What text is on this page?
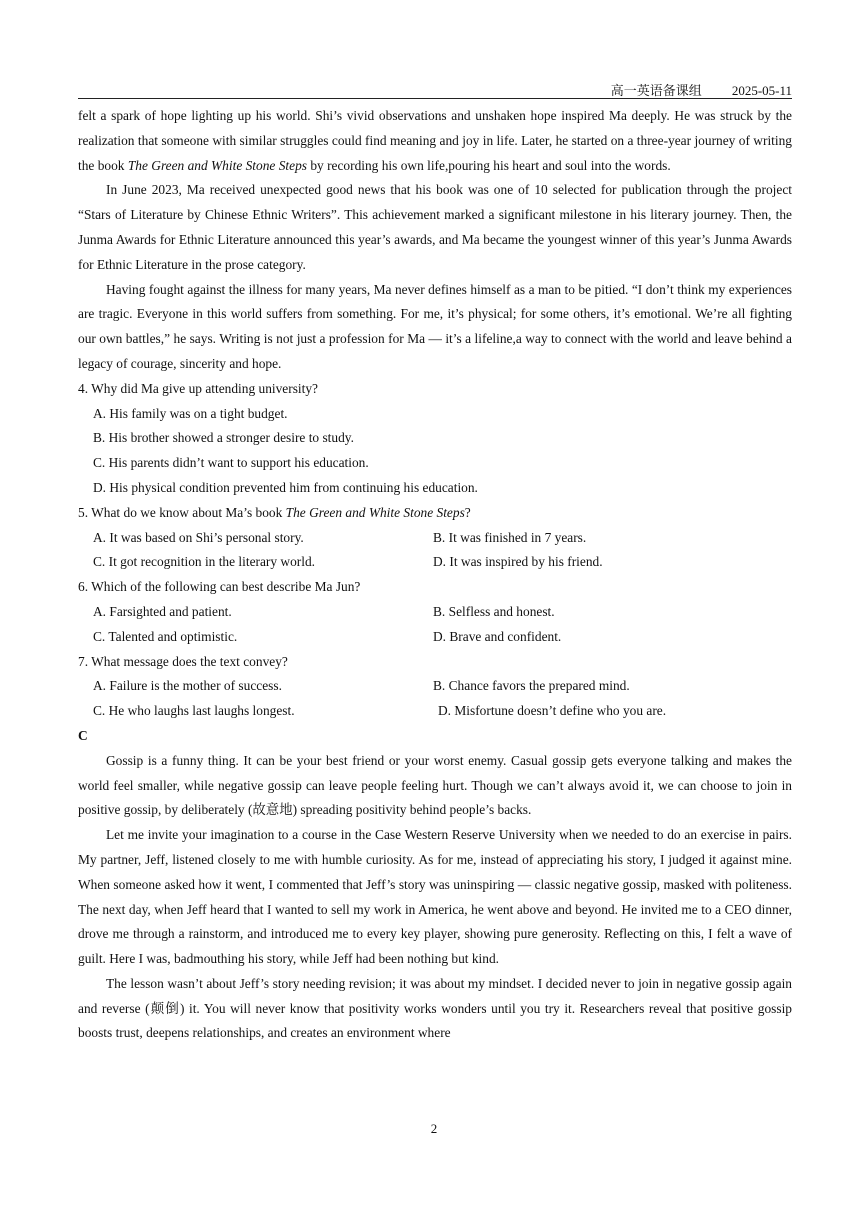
高一英语备课组 2025-05-11

felt a spark of hope lighting up his world. Shi’s vivid observations and unshaken hope inspired Ma deeply. He was struck by the realization that someone with similar struggles could find meaning and joy in life. Later, he started on a three-year journey of writing the book The Green and White Stone Steps by recording his own life,pouring his heart and soul into the words.

In June 2023, Ma received unexpected good news that his book was one of 10 selected for publication through the project “Stars of Literature by Chinese Ethnic Writers”. This achievement marked a significant milestone in his literary journey. Then, the Junma Awards for Ethnic Literature announced this year’s awards, and Ma became the youngest winner of this year’s Junma Awards for Ethnic Literature in the prose category.

Having fought against the illness for many years, Ma never defines himself as a man to be pitied. “I don’t think my experiences are tragic. Everyone in this world suffers from something. For me, it’s physical; for some others, it’s emotional. We’re all fighting our own battles,” he says. Writing is not just a profession for Ma — it’s a lifeline,a way to connect with the world and leave behind a legacy of courage, sincerity and hope.

4. Why did Ma give up attending university?

A. His family was on a tight budget.

B. His brother showed a stronger desire to study.

C. His parents didn’t want to support his education.

D. His physical condition prevented him from continuing his education.

5. What do we know about Ma’s book The Green and White Stone Steps?

A. It was based on Shi’s personal story.	B. It was finished in 7 years.
C. It got recognition in the literary world.	D. It was inspired by his friend.

6. Which of the following can best describe Ma Jun?

A. Farsighted and patient.	B. Selfless and honest.
C. Talented and optimistic.	D. Brave and confident.

7. What message does the text convey?

A. Failure is the mother of success.	B. Chance favors the prepared mind.
C. He who laughs last laughs longest.	D. Misfortune doesn’t define who you are.

C

Gossip is a funny thing. It can be your best friend or your worst enemy. Casual gossip gets everyone talking and makes the world feel smaller, while negative gossip can leave people feeling hurt. Though we can’t always avoid it, we can choose to join in positive gossip, by deliberately (故意地) spreading positivity behind people’s backs.

Let me invite your imagination to a course in the Case Western Reserve University when we needed to do an exercise in pairs. My partner, Jeff, listened closely to me with humble curiosity. As for me, instead of appreciating his story, I judged it against mine. When someone asked how it went, I commented that Jeff’s story was uninspiring — classic negative gossip, masked with politeness. The next day, when Jeff heard that I wanted to sell my work in America, he went above and beyond. He invited me to a CEO dinner, drove me through a rainstorm, and introduced me to every key player, showing pure generosity. Reflecting on this, I felt a wave of guilt. Here I was, badmouthing his story, while Jeff had been nothing but kind.

The lesson wasn’t about Jeff’s story needing revision; it was about my mindset. I decided never to join in negative gossip again and reverse (颠倒) it. You will never know that positivity works wonders until you try it. Researchers reveal that positive gossip boosts trust, deepens relationships, and creates an environment where

2
